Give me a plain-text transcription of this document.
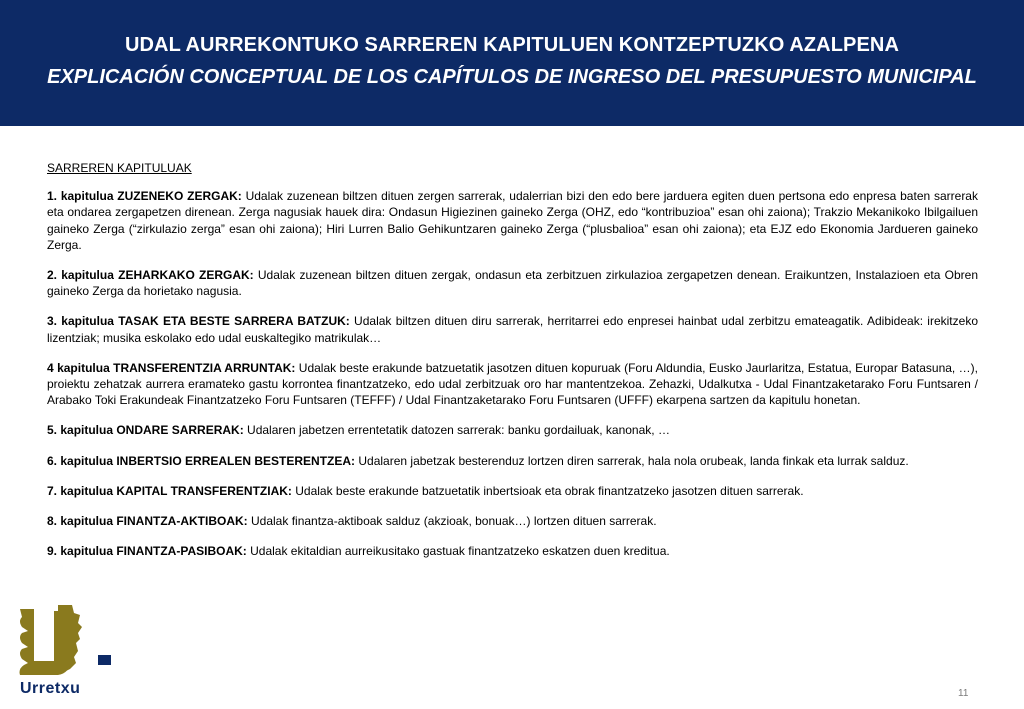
UDAL AURREKONTUKO SARREREN KAPITULUEN KONTZEPTUZKO AZALPENA
EXPLICACIÓN CONCEPTUAL DE LOS CAPÍTULOS DE INGRESO DEL PRESUPUESTO MUNICIPAL

SARREREN KAPITULUAK

1. kapitulua ZUZENEKO ZERGAK: Udalak zuzenean biltzen dituen zergen sarrerak, udalerrian bizi den edo bere jarduera egiten duen pertsona edo enpresa baten sarrerak eta ondarea zergapetzen direnean. Zerga nagusiak hauek dira: Ondasun Higiezinen gaineko Zerga (OHZ, edo “kontribuzioa” esan ohi zaiona); Trakzio Mekanikoko Ibilgailuen gaineko Zerga (“zirkulazio zerga” esan ohi zaiona); Hiri Lurren Balio Gehikuntzaren gaineko Zerga (“plusbalioa” esan ohi zaiona); eta EJZ edo Ekonomia Jardueren gaineko Zerga.

2. kapitulua ZEHARKAKO ZERGAK: Udalak zuzenean biltzen dituen zergak, ondasun eta zerbitzuen zirkulazioa zergapetzen denean. Eraikuntzen, Instalazioen eta Obren gaineko Zerga da horietako nagusia.

3. kapitulua TASAK ETA BESTE SARRERA BATZUK: Udalak biltzen dituen diru sarrerak, herritarrei edo enpresei hainbat udal zerbitzu emateagatik. Adibideak: irekitzeko lizentziak; musika eskolako edo udal euskaltegiko matrikulak…

4 kapitulua TRANSFERENTZIA ARRUNTAK: Udalak beste erakunde batzuetatik jasotzen dituen kopuruak (Foru Aldundia, Eusko Jaurlaritza, Estatua, Europar Batasuna, …), proiektu zehatzak aurrera eramateko gastu korrontea finantzatzeko, edo udal zerbitzuak oro har mantentzekoa. Zehazki, Udalkutxa - Udal Finantzaketarako Foru Funtsaren / Arabako Toki Erakundeak Finantzatzeko Foru Funtsaren (TEFFF) / Udal Finantzaketarako Foru Funtsaren (UFFF) ekarpena sartzen da kapitulu honetan.

5. kapitulua ONDARE SARRERAK: Udalaren jabetzen errentetatik datozen sarrerak: banku gordailuak, kanonak, …

6. kapitulua INBERTSIO ERREALEN BESTERENTZEA: Udalaren jabetzak besterenduz lortzen diren sarrerak, hala nola orubeak, landa finkak eta lurrak salduz.

7. kapitulua KAPITAL TRANSFERENTZIAK: Udalak beste erakunde batzuetatik inbertsioak eta obrak finantzatzeko jasotzen dituen sarrerak.

8. kapitulua FINANTZA-AKTIBOAK: Udalak finantza-aktiboak salduz (akzioak, bonuak…) lortzen dituen sarrerak.

9. kapitulua FINANTZA-PASIBOAK: Udalak ekitaldian aurreikusitako gastuak finantzatzeko eskatzen duen kreditua.

Urretxu	11
